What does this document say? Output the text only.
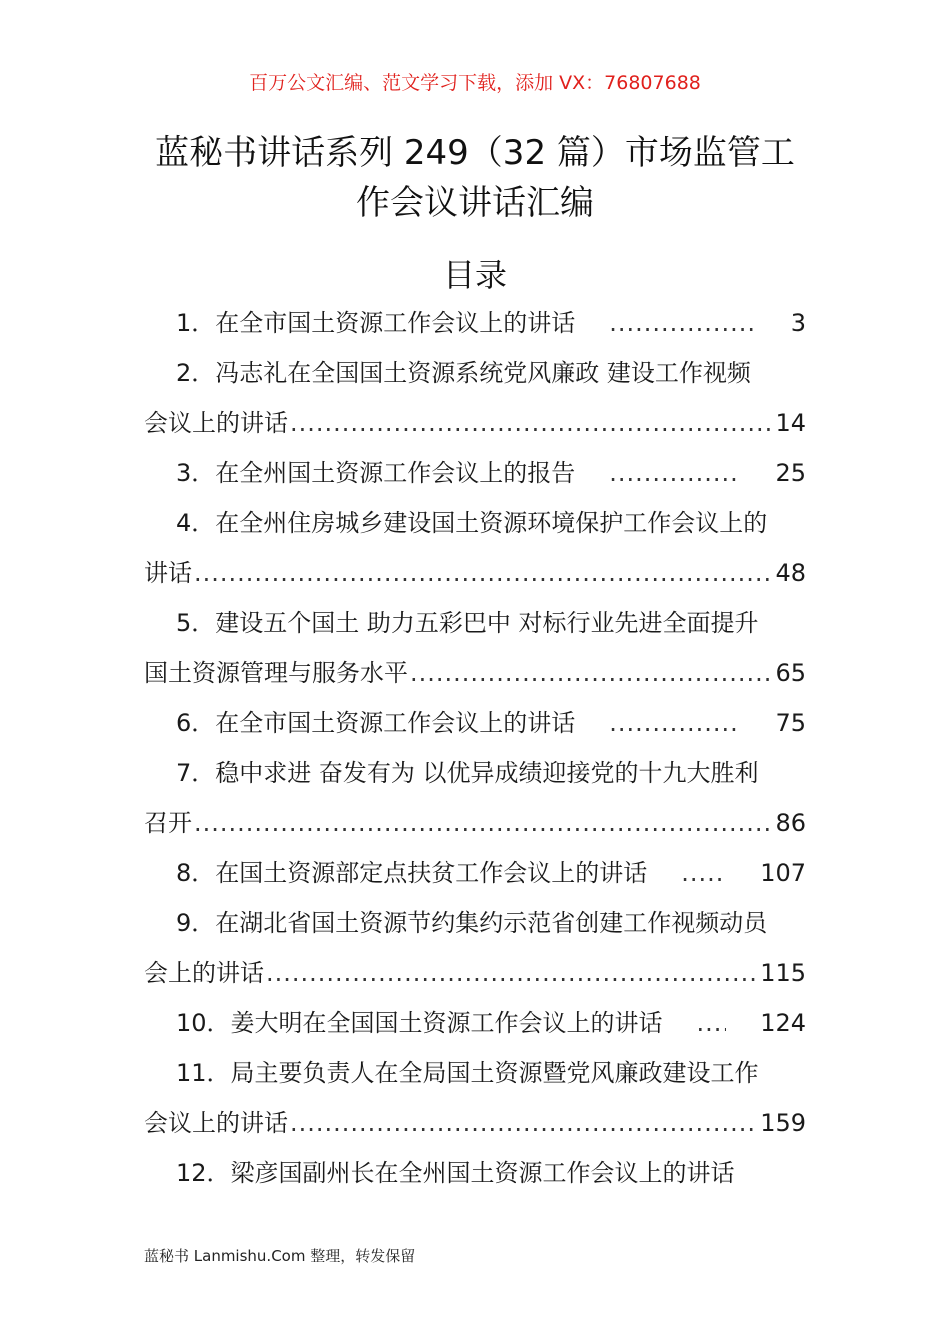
百万公文汇编、范文学习下载，添加 VX：76807688
蓝秘书讲话系列 249（32 篇）市场监管工
作会议讲话汇编
目录
1．在全市国土资源工作会议上的讲话 .....	3
2．冯志礼在全国国土资源系统党风廉政 建设工作视频
会议上的讲话 .....	14
3．在全州国土资源工作会议上的报告 .....	25
4．在全州住房城乡建设国土资源环境保护工作会议上的
讲话 .....	48
5．建设五个国土 助力五彩巴中 对标行业先进全面提升
国土资源管理与服务水平 .....	65
6．在全市国土资源工作会议上的讲话 .....	75
7．稳中求进 奋发有为 以优异成绩迎接党的十九大胜利
召开 .....	86
8．在国土资源部定点扶贫工作会议上的讲话 .....	107
9．在湖北省国土资源节约集约示范省创建工作视频动员
会上的讲话 .....	115
10．姜大明在全国国土资源工作会议上的讲话 .....	124
11．局主要负责人在全局国土资源暨党风廉政建设工作
会议上的讲话 .....	159
12．梁彦国副州长在全州国土资源工作会议上的讲话
蓝秘书 Lanmishu.Com 整理，转发保留
